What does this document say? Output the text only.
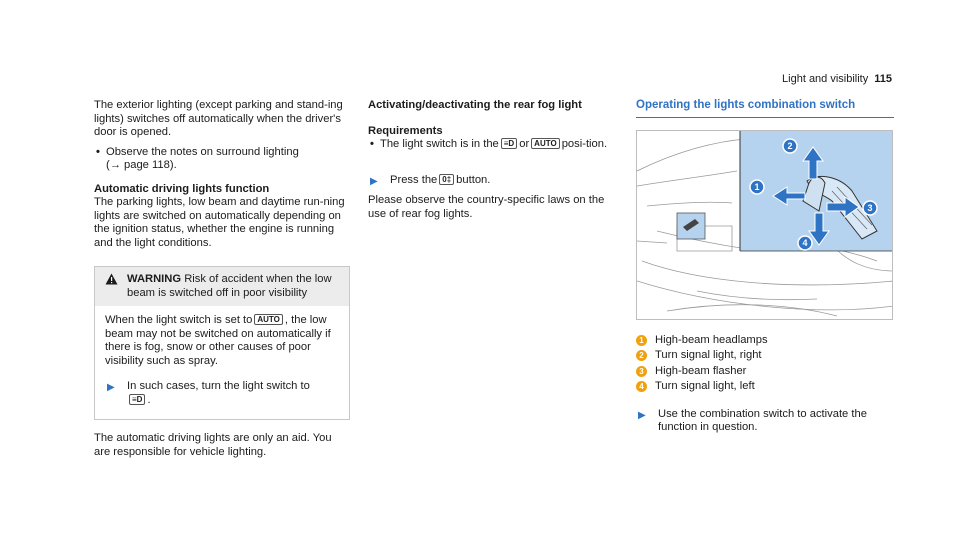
Light and visibility 115

The exterior lighting (except parking and stand-ing lights) switches off automatically when the driver's door is opened.

• Observe the notes on surround lighting
(→ page 118).

Automatic driving lights function

The parking lights, low beam and daytime run-ning lights are switched on automatically depending on the ignition status, whether the engine is running and the light conditions.

WARNING Risk of accident when the low beam is switched off in poor visibility

When the light switch is set to AUTO , the low beam may not be switched on automatically if there is fog, snow or other causes of poor visibility such as spray.

▶	In such cases, turn the light switch to
≡D .

The automatic driving lights are only an aid. You are responsible for vehicle lighting.

Activating/deactivating the rear fog light

Requirements

• The light switch is in the ≡D or AUTO posi-tion.
▶	Press the 0‡ button.

Please observe the country-specific laws on the use of rear fog lights.

Operating the lights combination switch
2
1
3
4
1 High-beam headlamps
2 Turn signal light, right
3 High-beam flasher
4 Turn signal light, left
▶	Use the combination switch to activate the function in question.
